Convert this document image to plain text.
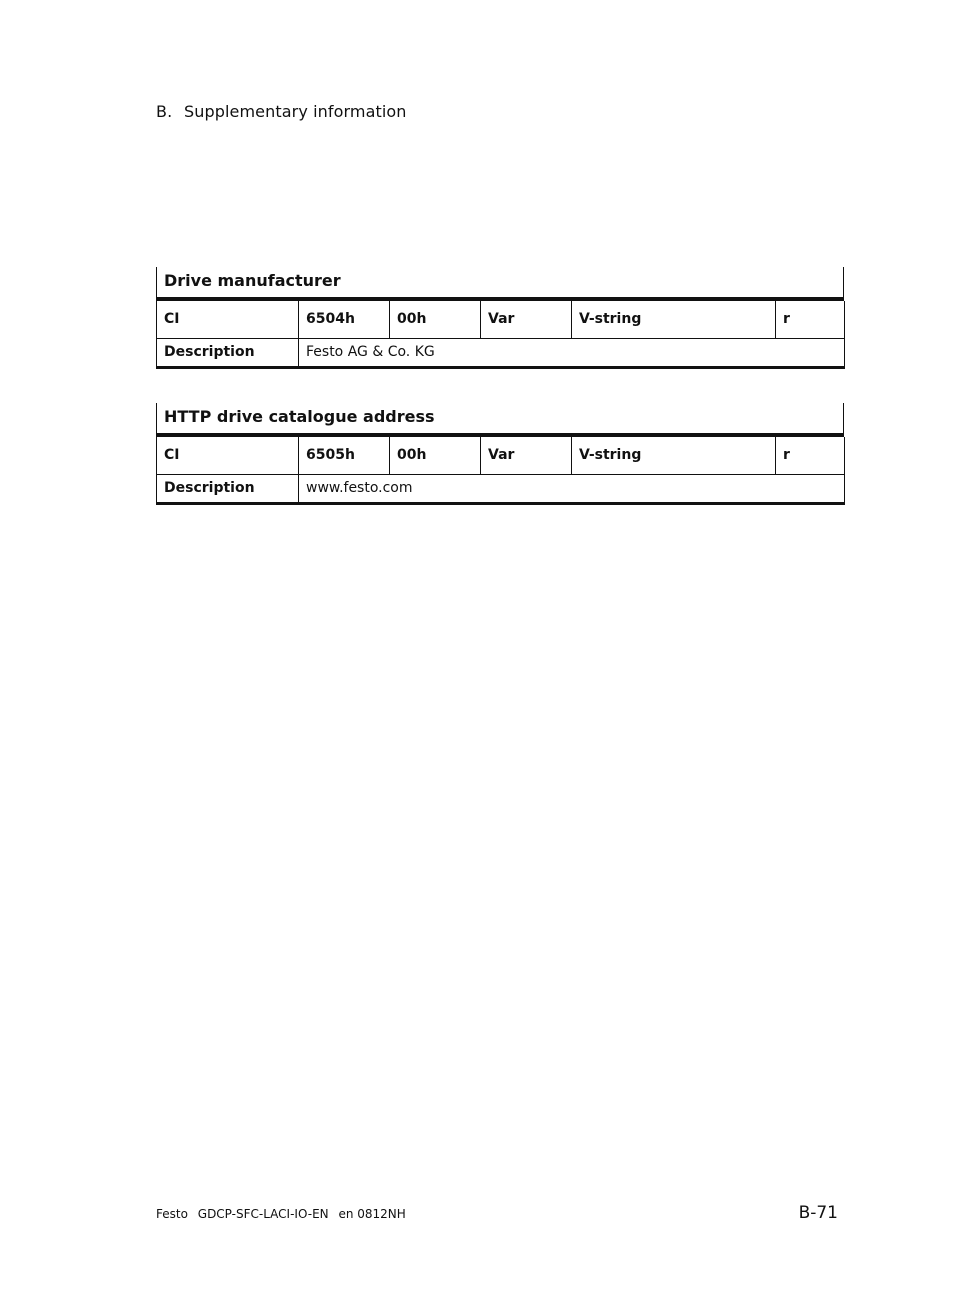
B. Supplementary information
Drive manufacturer
CI	6504h	00h	Var	V-string	r
Description	Festo AG & Co. KG				
HTTP drive catalogue address
CI	6505h	00h	Var	V-string	r
Description	www.festo.com				
Festo GDCP-SFC-LACI-IO-EN en 0812NH	B-71
